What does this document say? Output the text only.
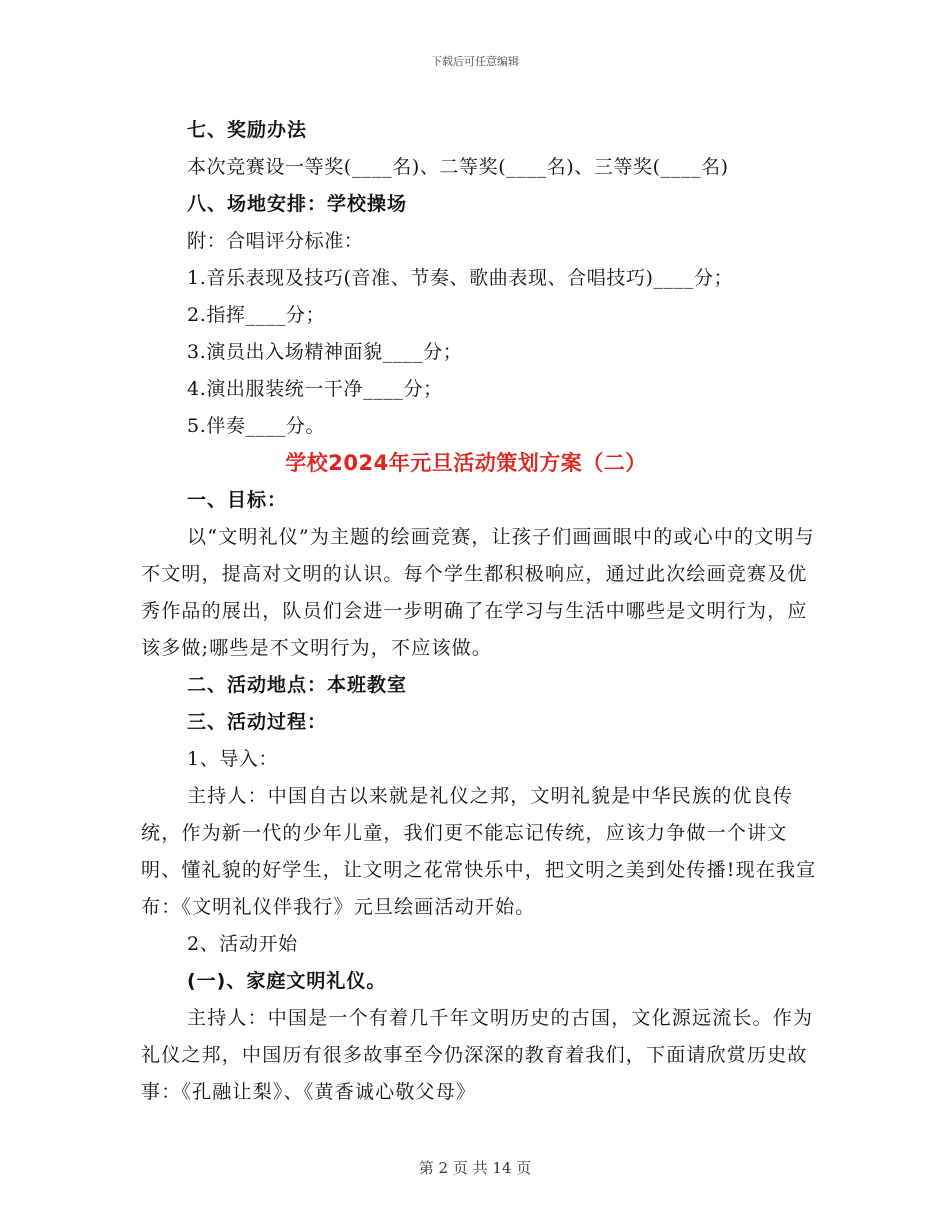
下载后可任意编辑
七、奖励办法
本次竞赛设一等奖(____名)、二等奖(____名)、三等奖(____名)
八、场地安排：学校操场
附：合唱评分标准：
1.音乐表现及技巧(音准、节奏、歌曲表现、合唱技巧)____分；
2.指挥____分；
3.演员出入场精神面貌____分；
4.演出服装统一干净____分；
5.伴奏____分。
学校2024年元旦活动策划方案（二）
一、目标：

以“文明礼仪”为主题的绘画竞赛，让孩子们画画眼中的或心中的文明与不文明，提高对文明的认识。每个学生都积极响应，通过此次绘画竞赛及优秀作品的展出，队员们会进一步明确了在学习与生活中哪些是文明行为，应该多做;哪些是不文明行为，不应该做。

二、活动地点：本班教室
三、活动过程：
1、导入：

主持人：中国自古以来就是礼仪之邦，文明礼貌是中华民族的优良传统，作为新一代的少年儿童，我们更不能忘记传统，应该力争做一个讲文明、懂礼貌的好学生，让文明之花常快乐中，把文明之美到处传播!现在我宣布：《文明礼仪伴我行》元旦绘画活动开始。

2、活动开始
(一)、家庭文明礼仪。

主持人：中国是一个有着几千年文明历史的古国，文化源远流长。作为礼仪之邦，中国历有很多故事至今仍深深的教育着我们，下面请欣赏历史故事：《孔融让梨》、《黄香诚心敬父母》

第 2 页 共 14 页
